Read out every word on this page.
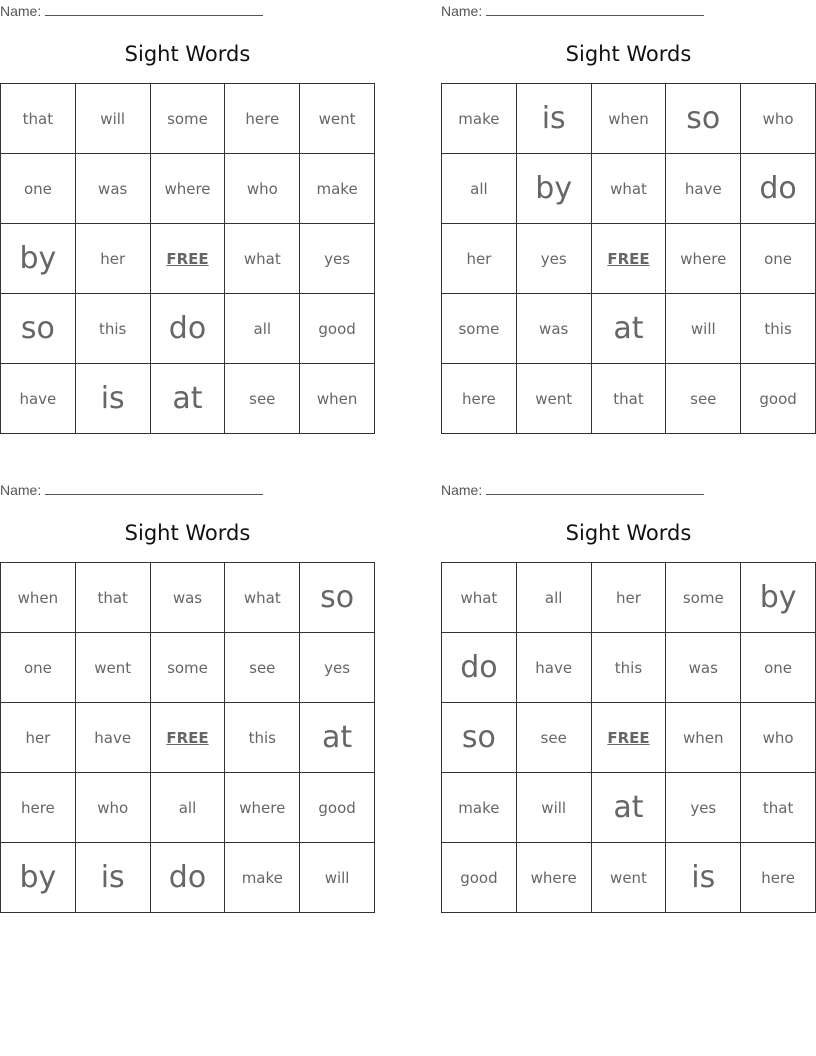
Name:
Sight Words
that	will	some	here	went
one	was	where	who	make
by	her	FREE	what	yes
so	this	do	all	good
have	is	at	see	when
Name:
Sight Words
make	is	when	so	who
all	by	what	have	do
her	yes	FREE	where	one
some	was	at	will	this
here	went	that	see	good
Name:
Sight Words
when	that	was	what	so
one	went	some	see	yes
her	have	FREE	this	at
here	who	all	where	good
by	is	do	make	will
Name:
Sight Words
what	all	her	some	by
do	have	this	was	one
so	see	FREE	when	who
make	will	at	yes	that
good	where	went	is	here
